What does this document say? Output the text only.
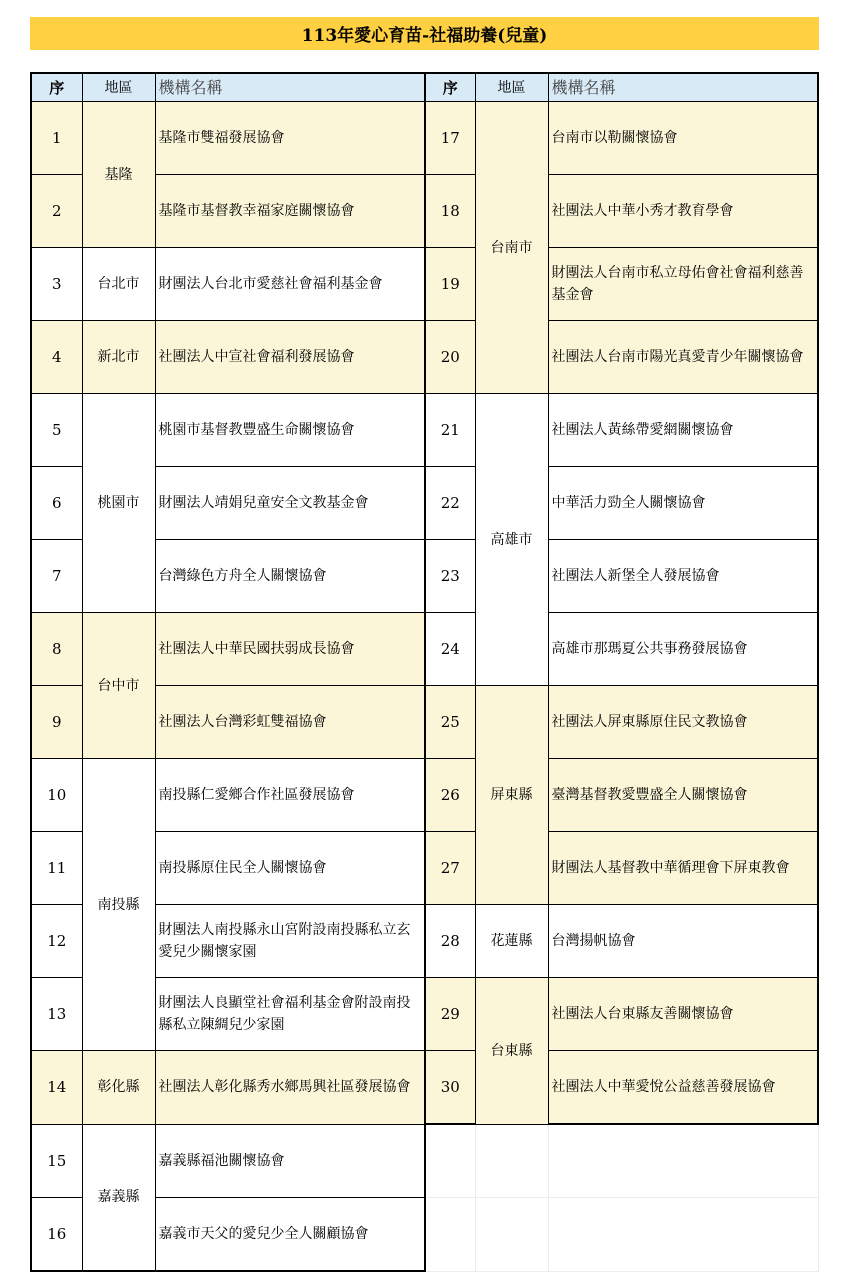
113年愛心育苗-社福助養(兒童)
序	地區	機構名稱	序	地區	機構名稱
1	基隆	基隆市雙福發展協會	17	台南市	台南市以勒關懷協會
2		基隆市基督教幸福家庭關懷協會	18		社團法人中華小秀才教育學會
3	台北市	財團法人台北市愛慈社會福利基金會	19		財團法人台南市私立母佑會社會福利慈善基金會
4	新北市	社團法人中宣社會福利發展協會	20		社團法人台南市陽光真愛青少年關懷協會
5	桃園市	桃園市基督教豐盛生命關懷協會	21	高雄市	社團法人黃絲帶愛網關懷協會
6		財團法人靖娟兒童安全文教基金會	22		中華活力勁全人關懷協會
7		台灣綠色方舟全人關懷協會	23		社團法人新堡全人發展協會
8	台中市	社團法人中華民國扶弱成長協會	24		高雄市那瑪夏公共事務發展協會
9		社團法人台灣彩虹雙福協會	25	屏東縣	社團法人屏東縣原住民文教協會
10	南投縣	南投縣仁愛鄉合作社區發展協會	26		臺灣基督教愛豐盛全人關懷協會
11		南投縣原住民全人關懷協會	27		財團法人基督教中華循理會下屏東教會
12		財團法人南投縣永山宮附設南投縣私立玄愛兒少關懷家園	28	花蓮縣	台灣揚帆協會
13		財團法人良顯堂社會福利基金會附設南投縣私立陳綢兒少家園	29	台東縣	社團法人台東縣友善關懷協會
14	彰化縣	社團法人彰化縣秀水鄉馬興社區發展協會	30		社團法人中華愛悅公益慈善發展協會
15	嘉義縣	嘉義縣福池關懷協會			
16		嘉義市天父的愛兒少全人關顧協會			
